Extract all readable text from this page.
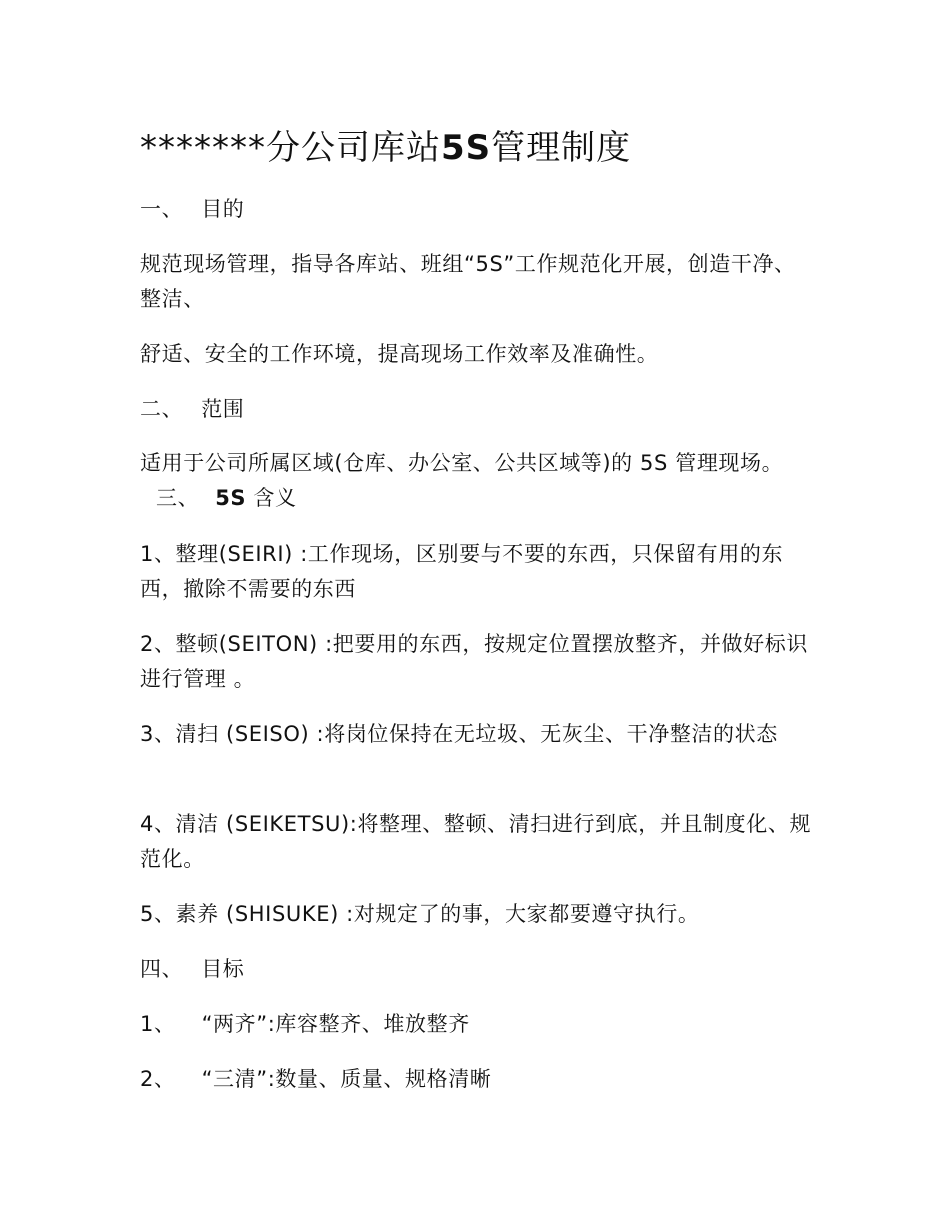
*******分公司库站5S管理制度
一、 目的
规范现场管理，指导各库站、班组“5S”工作规范化开展，创造干净、整洁、
舒适、安全的工作环境，提高现场工作效率及准确性。
二、 范围
适用于公司所属区域(仓库、办公室、公共区域等)的 5S 管理现场。三、 5S 含义
1、整理(SEIRI) :工作现场，区别要与不要的东西，只保留有用的东西，撤除不需要的东西
2、整顿(SEITON) :把要用的东西，按规定位置摆放整齐，并做好标识进行管理 。
3、清扫 (SEISO) :将岗位保持在无垃圾、无灰尘、干净整洁的状态
4、清洁 (SEIKETSU):将整理、整顿、清扫进行到底，并且制度化、规范化。
5、素养 (SHISUKE) :对规定了的事，大家都要遵守执行。
四、 目标
1、 “两齐”:库容整齐、堆放整齐
2、 “三清”:数量、质量、规格清晰
